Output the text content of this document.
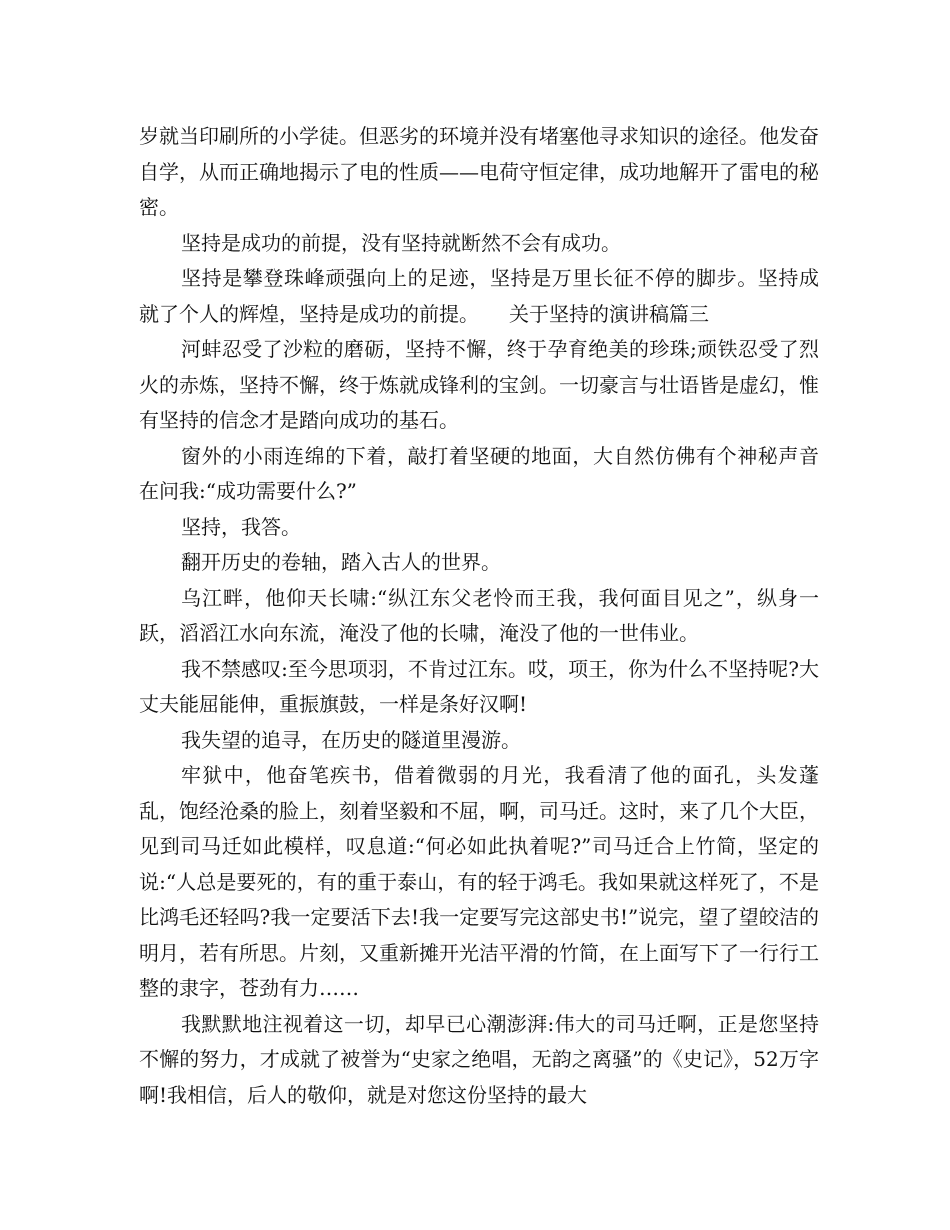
岁就当印刷所的小学徒。但恶劣的环境并没有堵塞他寻求知识的途径。他发奋自学，从而正确地揭示了电的性质——电荷守恒定律，成功地解开了雷电的秘密。

坚持是成功的前提，没有坚持就断然不会有成功。

坚持是攀登珠峰顽强向上的足迹，坚持是万里长征不停的脚步。坚持成就了个人的辉煌，坚持是成功的前提。　　关于坚持的演讲稿篇三

河蚌忍受了沙粒的磨砺，坚持不懈，终于孕育绝美的珍珠;顽铁忍受了烈火的赤炼，坚持不懈，终于炼就成锋利的宝剑。一切豪言与壮语皆是虚幻，惟有坚持的信念才是踏向成功的基石。

窗外的小雨连绵的下着，敲打着坚硬的地面，大自然仿佛有个神秘声音在问我:“成功需要什么?”

坚持，我答。

翻开历史的卷轴，踏入古人的世界。

乌江畔，他仰天长啸:“纵江东父老怜而王我，我何面目见之”，纵身一跃，滔滔江水向东流，淹没了他的长啸，淹没了他的一世伟业。

我不禁感叹:至今思项羽，不肯过江东。哎，项王，你为什么不坚持呢?大丈夫能屈能伸，重振旗鼓，一样是条好汉啊!

我失望的追寻，在历史的隧道里漫游。

牢狱中，他奋笔疾书，借着微弱的月光，我看清了他的面孔，头发蓬乱，饱经沧桑的脸上，刻着坚毅和不屈，啊，司马迁。这时，来了几个大臣，见到司马迁如此模样，叹息道:“何必如此执着呢?”司马迁合上竹简，坚定的说:“人总是要死的，有的重于泰山，有的轻于鸿毛。我如果就这样死了，不是比鸿毛还轻吗?我一定要活下去!我一定要写完这部史书!”说完，望了望皎洁的明月，若有所思。片刻，又重新摊开光洁平滑的竹简，在上面写下了一行行工整的隶字，苍劲有力……

我默默地注视着这一切，却早已心潮澎湃:伟大的司马迁啊，正是您坚持不懈的努力，才成就了被誉为“史家之绝唱，无韵之离骚”的《史记》，52万字啊!我相信，后人的敬仰，就是对您这份坚持的最大
